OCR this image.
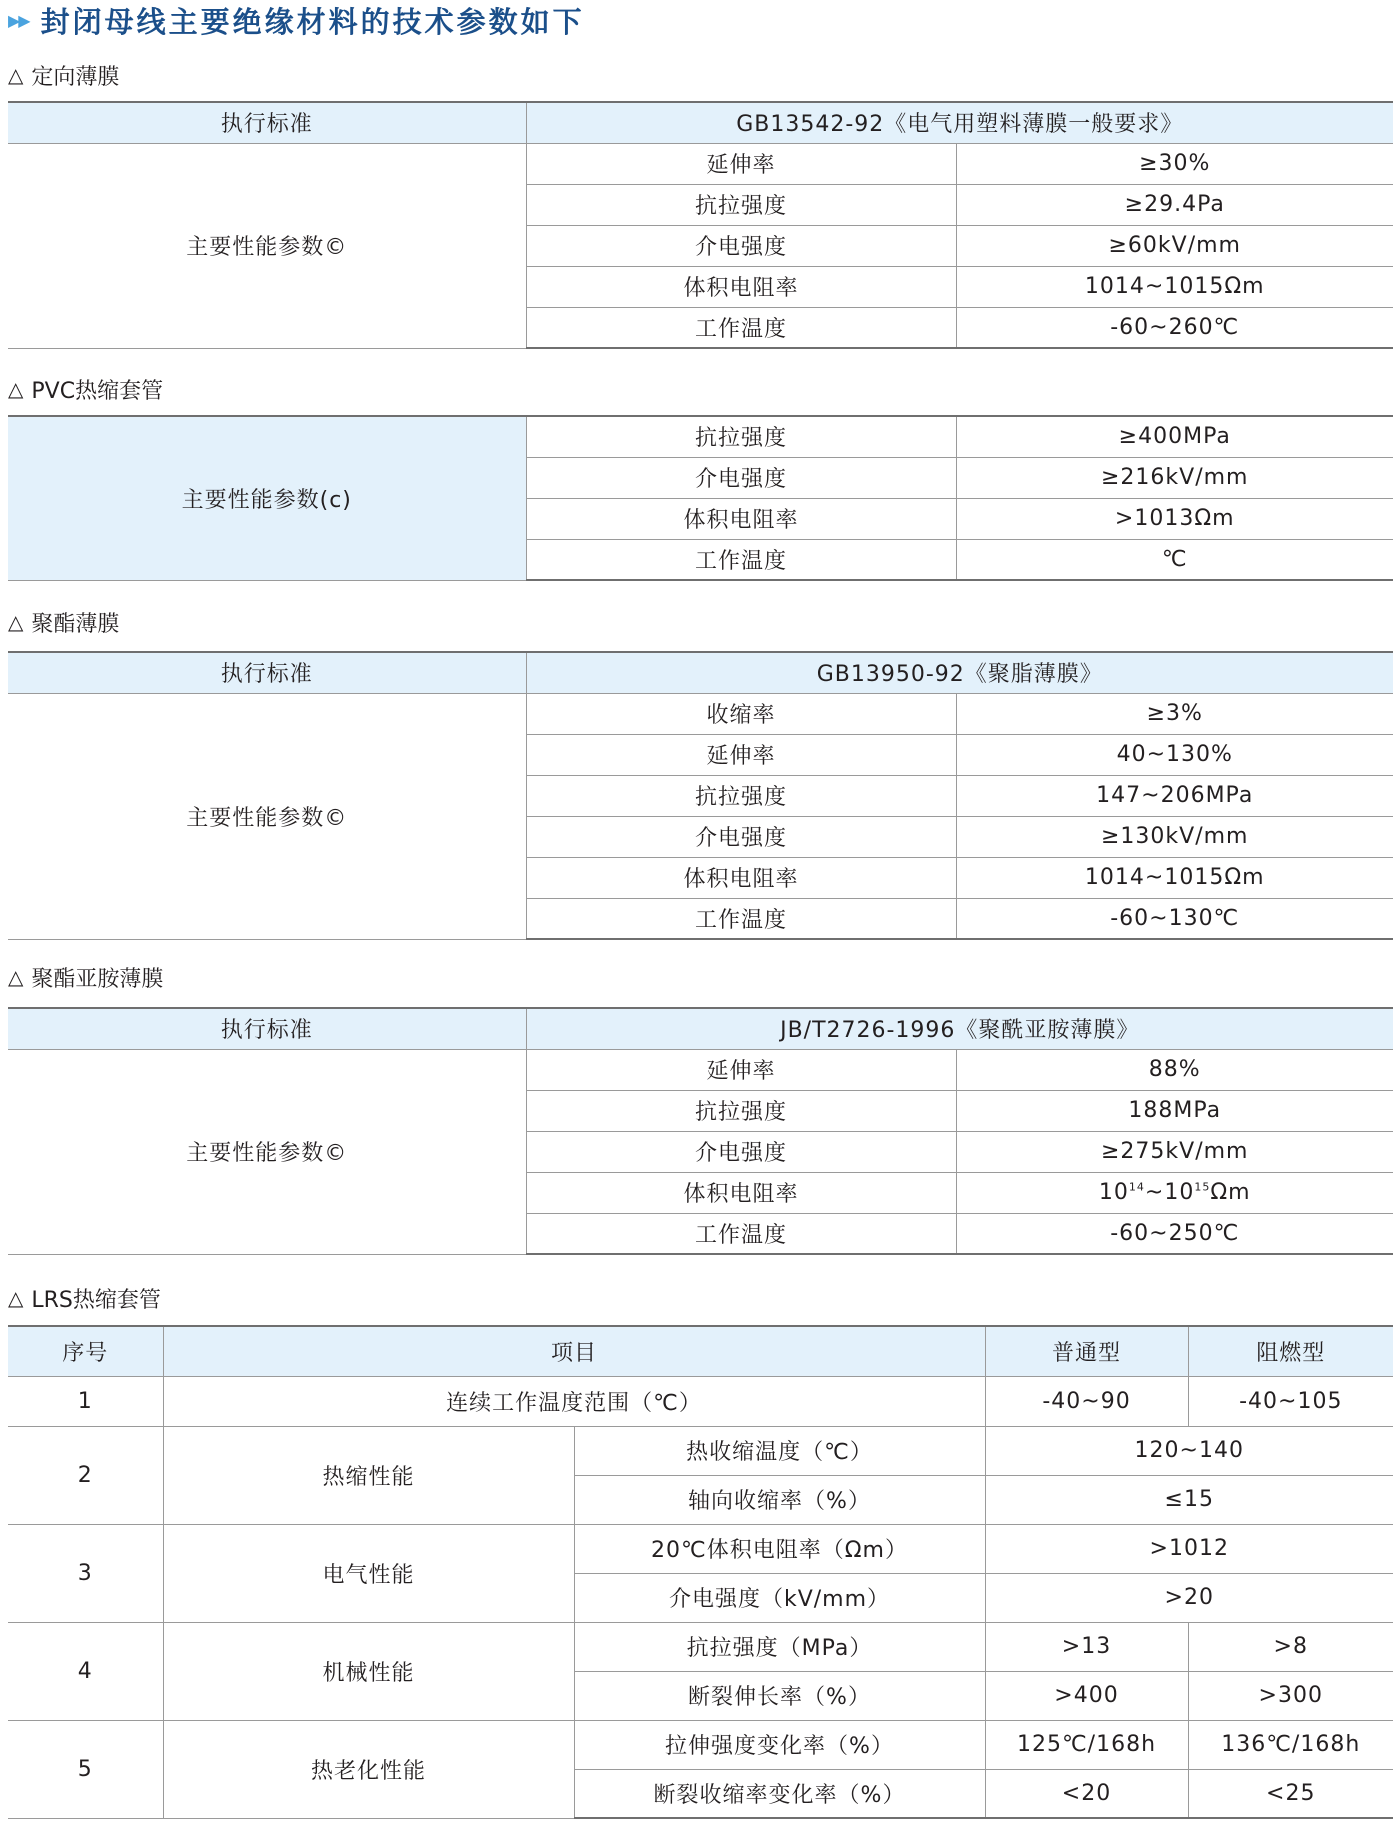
▶▶ 封闭母线主要绝缘材料的技术参数如下
△ 定向薄膜
执行标准	GB13542-92《电气用塑料薄膜一般要求》	
主要性能参数©	延伸率	≥30%
	抗拉强度	≥29.4Pa
	介电强度	≥60kV/mm
	体积电阻率	1014~1015Ωm
	工作温度	-60~260℃
△ PVC热缩套管
主要性能参数(c)	抗拉强度	≥400MPa
	介电强度	≥216kV/mm
	体积电阻率	>1013Ωm
	工作温度	℃
△ 聚酯薄膜
执行标准	GB13950-92《聚脂薄膜》	
主要性能参数©	收缩率	≥3%
	延伸率	40~130%
	抗拉强度	147~206MPa
	介电强度	≥130kV/mm
	体积电阻率	1014~1015Ωm
	工作温度	-60~130℃
△ 聚酯亚胺薄膜
执行标准	JB/T2726-1996《聚酰亚胺薄膜》	
主要性能参数©	延伸率	88%
	抗拉强度	188MPa
	介电强度	≥275kV/mm
	体积电阻率	$10^{14}\sim 10^{15}\Omega m$
	工作温度	-60~250℃
△ LRS热缩套管
序号	项目		普通型	阻燃型
1	连续工作温度范围（℃）		-40~90	-40~105
2	热缩性能	热收缩温度（℃）	120~140	
		轴向收缩率（%）	≤15	
3	电气性能	20℃体积电阻率（Ωm）	>1012	
		介电强度（kV/mm）	>20	
4	机械性能	抗拉强度（MPa）	>13	>8
		断裂伸长率（%）	>400	>300
5	热老化性能	拉伸强度变化率（%）	125℃/168h	136℃/168h
		断裂收缩率变化率（%）	<20	<25
